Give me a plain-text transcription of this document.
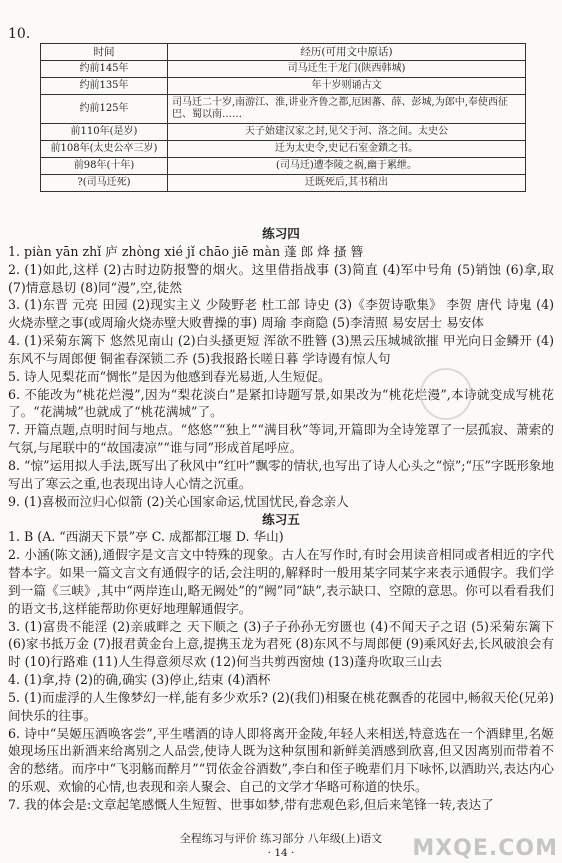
10.
时间	经历(可用文中原话)
约前145年	司马迁生于龙门(陕西韩城)
约前135年	年十岁则诵古文
约前125年	司马迁二十岁,南游江、淮,讲业齐鲁之都,厄困蕃、薛、彭城,为郎中,奉使西征巴、蜀以南……
前110年(是岁)	天子始建汉家之封,见父于河、洛之间。太史公
前108年(太史公卒三岁)	迁为太史令,史记石室金鐀之书。
前98年(十年)	(司马迁)遭李陵之祸,幽于累绁。
?(司马迁死)	迁既死后,其书稍出

练习四

1. piàn yān zhǐ 庐 zhòng xié jǐ chāo jiē màn 蓬 郎 烽 搔 簪

2. (1)如此,这样 (2)古时边防报警的烟火。这里借指战事 (3)简直 (4)军中号角 (5)销蚀 (6)拿,取 (7)情意恳切 (8)同“漫”,空,徒然

3. (1)东晋 元亮 田园 (2)现实主义 少陵野老 杜工部 诗史 (3)《李贺诗歌集》 李贺 唐代 诗鬼 (4)火烧赤壁之事(或周瑜火烧赤壁大败曹操的事) 周瑜 李商隐 (5)李清照 易安居士 易安体

4. (1)采菊东篱下 悠然见南山 (2)白头搔更短 浑欲不胜簪 (3)黑云压城城欲摧 甲光向日金鳞开 (4)东风不与周郎便 铜雀春深锁二乔 (5)我报路长嗟日暮 学诗谩有惊人句

5. 诗人见梨花而“惆怅”是因为他感到春光易逝,人生短促。

6. 不能改为“桃花烂漫”,因为“梨花淡白”是紧扣诗题写景,如果改为“桃花烂漫”,本诗就变成写桃花了。“花满城”也就成了“桃花满城”了。

7. 开篇点题,点明时间与地点。“悠悠”“独上”“满目秋”等词,开篇即为全诗笼罩了一层孤寂、萧索的气氛,与尾联中的“故国凄凉”“谁与同”形成首尾呼应。

8. “惊”运用拟人手法,既写出了秋风中“红叶”飘零的情状,也写出了诗人心头之“惊”;“压”字既形象地写出了寒云之重,也表现出诗人心情之沉重。

9. (1)喜极而泣归心似箭 (2)关心国家命运,忧国忧民,眷念亲人

练习五

1. B (A. “西湖天下景”亭 C. 成都都江堰 D. 华山)

2. 小涵(陈文涵),通假字是文言文中特殊的现象。古人在写作时,有时会用读音相同或者相近的字代替本字。如果一篇文言文有通假字的话,会注明的,解释时一般用某字同某字来表示通假字。我们学到一篇《三峡》,其中“两岸连山,略无阙处”的“阙”同“缺”,表示缺口、空隙的意思。你可以看看我们的语文书,这样能帮助你更好地理解通假字。

3. (1)富贵不能淫 (2)亲戚畔之 天下顺之 (3)子子孙孙无穷匮也 (4)不闻天子之诏 (5)采菊东篱下 (6)家书抵万金 (7)报君黄金台上意,提携玉龙为君死 (8)东风不与周郎便 (9)乘风好去,长风破浪会有时 (10)行路难 (11)人生得意须尽欢 (12)何当共剪西窗烛 (13)蓬舟吹取三山去

4. (1)拿,持 (2)的确,确实 (3)停止,结束 (4)酒杯

5. (1)而虚浮的人生像梦幻一样,能有多少欢乐? (2)(我们)相聚在桃花飘香的花园中,畅叙天伦(兄弟)间快乐的往事。

6. 诗中“吴姬压酒唤客尝”,平生嗜酒的诗人即将离开金陵,年轻人来相送,特意选在一个酒肆里,名姬娘现场压出新酒来给离别之人品尝,使诗人既为这种氛围和新鲜美酒感到欣喜,但又因离别而带着不舍的愁绪。而序中“飞羽觞而醉月”“罚依金谷酒数”,李白和侄子晚辈们月下咏怀,以酒助兴,表达内心的乐观、欢愉的心情,也表现和亲人聚会、自己的文学才华略可称道的快乐。

7. 我的体会是:文章起笔感慨人生短暂、世事如梦,带有悲观色彩,但后来笔锋一转,表达了

全程练习与评价 练习部分 八年级(上)语文
· 14 ·	MXQE.COM
